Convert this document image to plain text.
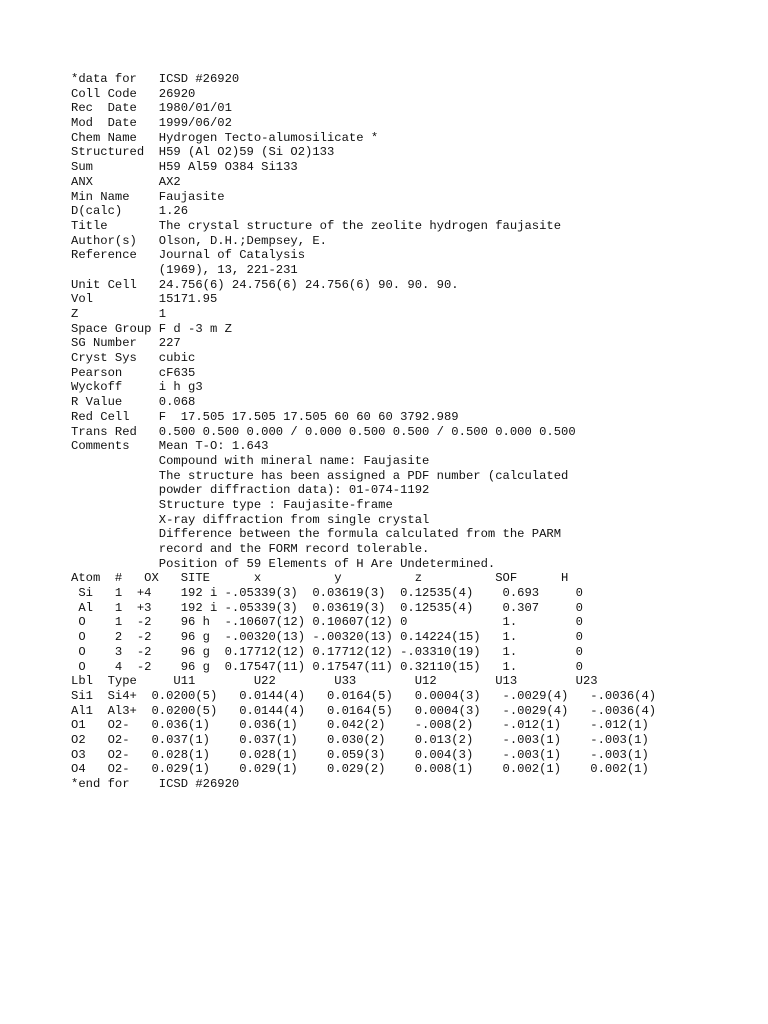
*data for   ICSD #26920
Coll Code   26920
Rec  Date   1980/01/01
Mod  Date   1999/06/02
Chem Name   Hydrogen Tecto-alumosilicate *
Structured  H59 (Al O2)59 (Si O2)133
Sum         H59 Al59 O384 Si133
ANX         AX2
Min Name    Faujasite
D(calc)     1.26
Title       The crystal structure of the zeolite hydrogen faujasite
Author(s)   Olson, D.H.;Dempsey, E.
Reference   Journal of Catalysis
(1969), 13, 221-231
Unit Cell   24.756(6) 24.756(6) 24.756(6) 90. 90. 90.
Vol         15171.95
Z           1
Space Group F d -3 m Z
SG Number   227
Cryst Sys   cubic
Pearson     cF635
Wyckoff     i h g3
R Value     0.068
Red Cell    F  17.505 17.505 17.505 60 60 60 3792.989
Trans Red   0.500 0.500 0.000 / 0.000 0.500 0.500 / 0.500 0.000 0.500
Comments    Mean T-O: 1.643
Compound with mineral name: Faujasite
The structure has been assigned a PDF number (calculated
powder diffraction data): 01-074-1192
Structure type : Faujasite-frame
X-ray diffraction from single crystal
Difference between the formula calculated from the PARM
record and the FORM record tolerable.
Position of 59 Elements of H Are Undetermined.
Atom  #   OX   SITE      x          y          z          SOF      H
Si   1  +4    192 i -.05339(3)  0.03619(3)  0.12535(4)    0.693     0
Al   1  +3    192 i -.05339(3)  0.03619(3)  0.12535(4)    0.307     0
O    1  -2    96 h  -.10607(12) 0.10607(12) 0             1.        0
O    2  -2    96 g  -.00320(13) -.00320(13) 0.14224(15)   1.        0
O    3  -2    96 g  0.17712(12) 0.17712(12) -.03310(19)   1.        0
O    4  -2    96 g  0.17547(11) 0.17547(11) 0.32110(15)   1.        0
Lbl  Type     U11        U22        U33        U12        U13        U23
Si1  Si4+  0.0200(5)   0.0144(4)   0.0164(5)   0.0004(3)   -.0029(4)   -.0036(4)
Al1  Al3+  0.0200(5)   0.0144(4)   0.0164(5)   0.0004(3)   -.0029(4)   -.0036(4)
O1   O2-   0.036(1)    0.036(1)    0.042(2)    -.008(2)    -.012(1)    -.012(1)
O2   O2-   0.037(1)    0.037(1)    0.030(2)    0.013(2)    -.003(1)    -.003(1)
O3   O2-   0.028(1)    0.028(1)    0.059(3)    0.004(3)    -.003(1)    -.003(1)
O4   O2-   0.029(1)    0.029(1)    0.029(2)    0.008(1)    0.002(1)    0.002(1)
*end for    ICSD #26920
